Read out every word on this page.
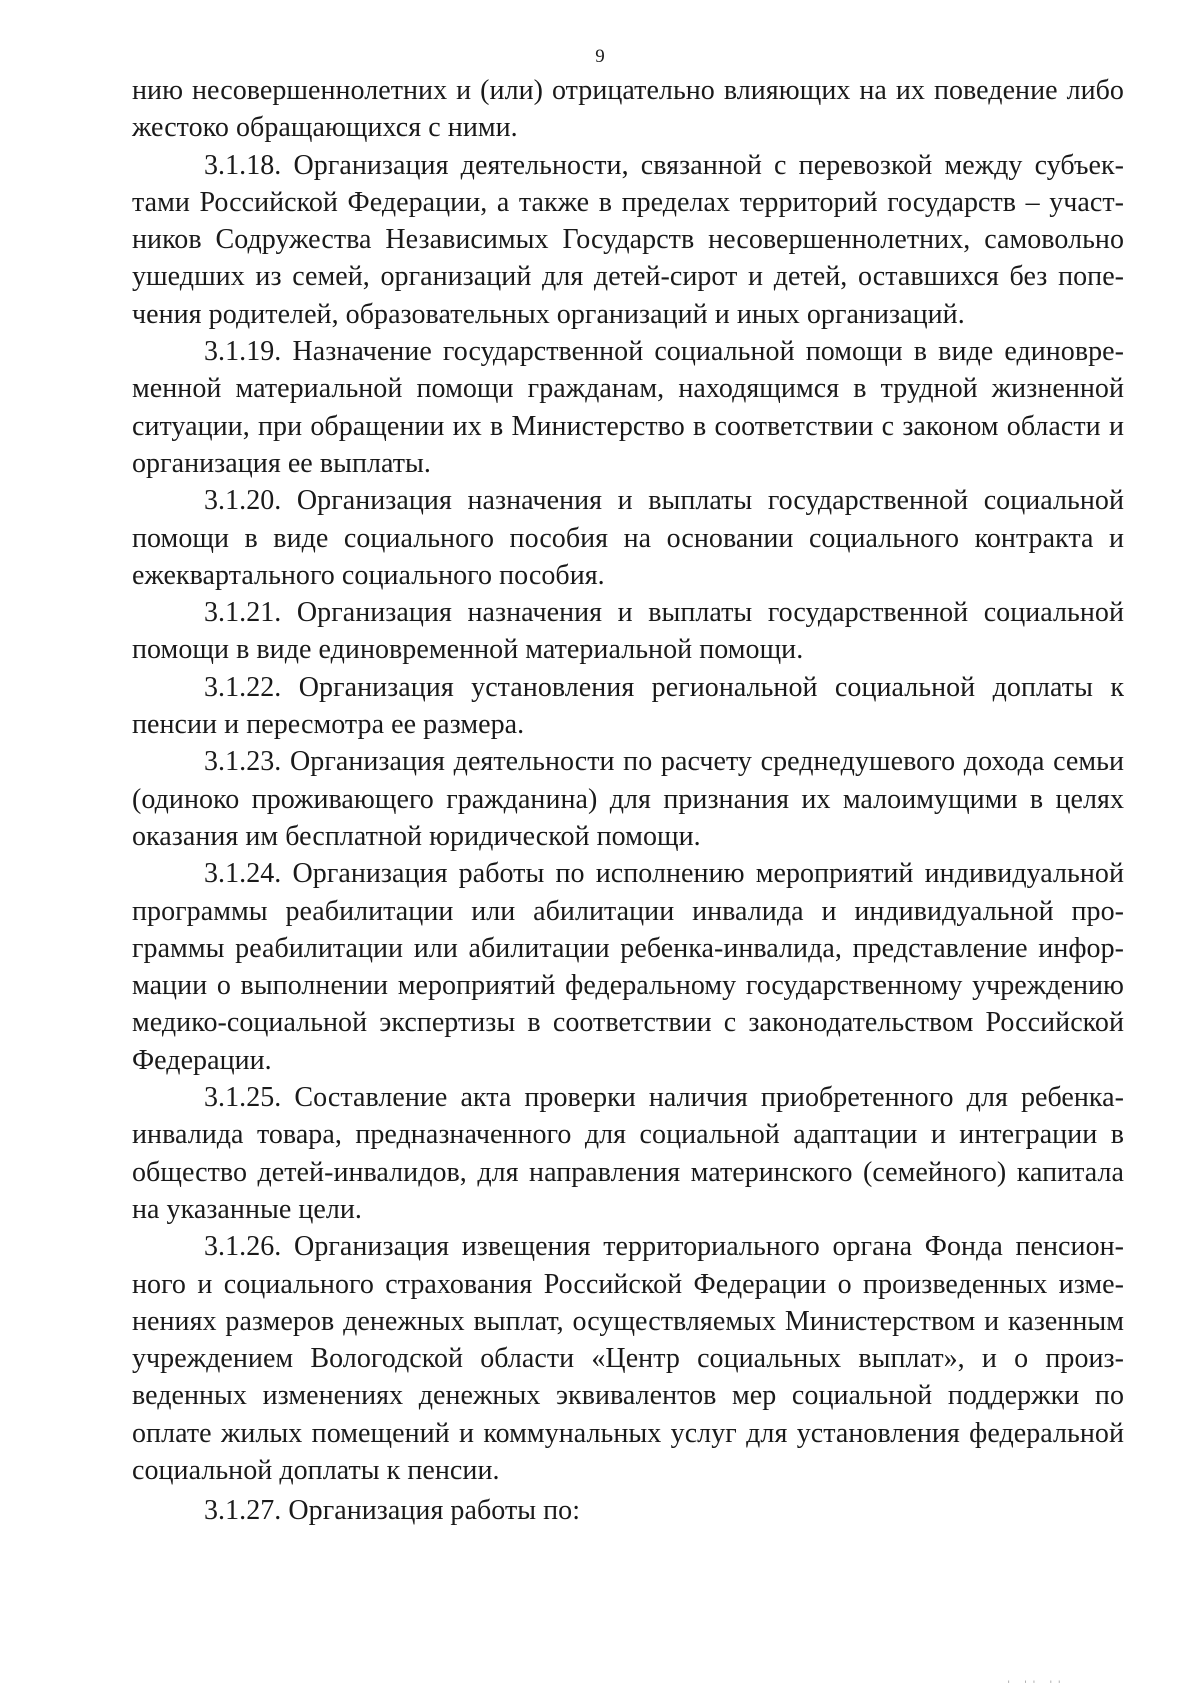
9

нию несовершеннолетних и (или) отрицательно влияющих на их поведение либо жестоко обращающихся с ними.

3.1.18. Организация деятельности, связанной с перевозкой между субъектами Российской Федерации, а также в пределах территорий государств – участников Содружества Независимых Государств несовершеннолетних, самовольно ушедших из семей, организаций для детей-сирот и детей, оставшихся без попечения родителей, образовательных организаций и иных организаций.

3.1.19. Назначение государственной социальной помощи в виде единовременной материальной помощи гражданам, находящимся в трудной жизненной ситуации, при обращении их в Министерство в соответствии с законом области и организация ее выплаты.

3.1.20. Организация назначения и выплаты государственной социальной помощи в виде социального пособия на основании социального контракта и ежеквартального социального пособия.

3.1.21. Организация назначения и выплаты государственной социальной помощи в виде единовременной материальной помощи.

3.1.22. Организация установления региональной социальной доплаты к пенсии и пересмотра ее размера.

3.1.23. Организация деятельности по расчету среднедушевого дохода семьи (одиноко проживающего гражданина) для признания их малоимущими в целях оказания им бесплатной юридической помощи.

3.1.24. Организация работы по исполнению мероприятий индивидуальной программы реабилитации или абилитации инвалида и индивидуальной программы реабилитации или абилитации ребенка-инвалида, представление информации о выполнении мероприятий федеральному государственному учреждению медико-социальной экспертизы в соответствии с законодательством Российской Федерации.

3.1.25. Составление акта проверки наличия приобретенного для ребенка-инвалида товара, предназначенного для социальной адаптации и интеграции в общество детей-инвалидов, для направления материнского (семейного) капитала на указанные цели.

3.1.26. Организация извещения территориального органа Фонда пенсионного и социального страхования Российской Федерации о произведенных изменениях размеров денежных выплат, осуществляемых Министерством и казенным учреждением Вологодской области «Центр социальных выплат», и о произведенных изменениях денежных эквивалентов мер социальной поддержки по оплате жилых помещений и коммунальных услуг для установления федеральной социальной доплаты к пенсии.

3.1.27. Организация работы по:

' '' ''
